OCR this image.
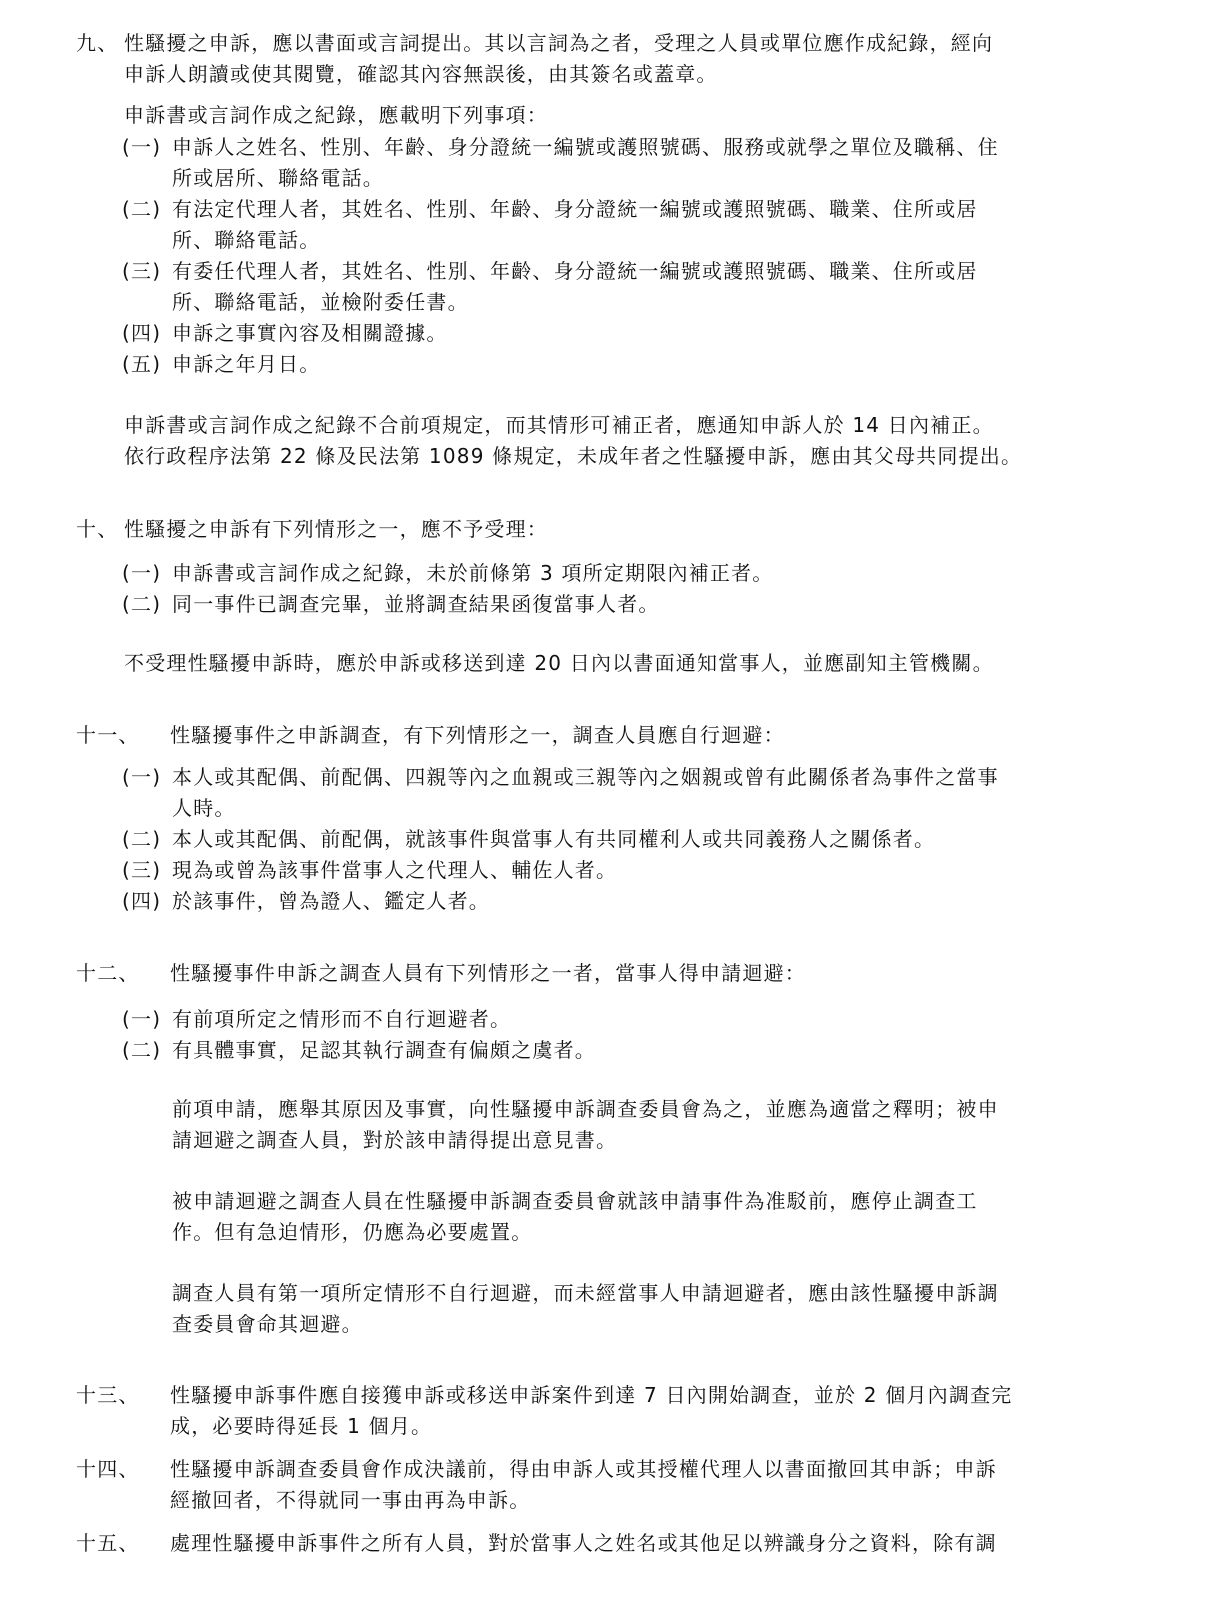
九、 性騷擾之申訴，應以書面或言詞提出。其以言詞為之者，受理之人員或單位應作成紀錄，經向
申訴人朗讀或使其閱覽，確認其內容無誤後，由其簽名或蓋章。
申訴書或言詞作成之紀錄，應載明下列事項：
(一) 申訴人之姓名、性別、年齡、身分證統一編號或護照號碼、服務或就學之單位及職稱、住
所或居所、聯絡電話。
(二) 有法定代理人者，其姓名、性別、年齡、身分證統一編號或護照號碼、職業、住所或居
所、聯絡電話。
(三) 有委任代理人者，其姓名、性別、年齡、身分證統一編號或護照號碼、職業、住所或居
所、聯絡電話，並檢附委任書。
(四) 申訴之事實內容及相關證據。
(五) 申訴之年月日。
申訴書或言詞作成之紀錄不合前項規定，而其情形可補正者，應通知申訴人於 14 日內補正。
依行政程序法第 22 條及民法第 1089 條規定，未成年者之性騷擾申訴，應由其父母共同提出。
十、 性騷擾之申訴有下列情形之一，應不予受理：
(一) 申訴書或言詞作成之紀錄，未於前條第 3 項所定期限內補正者。
(二) 同一事件已調查完畢，並將調查結果函復當事人者。
不受理性騷擾申訴時，應於申訴或移送到達 20 日內以書面通知當事人，並應副知主管機關。
十一、 性騷擾事件之申訴調查，有下列情形之一，調查人員應自行迴避：
(一) 本人或其配偶、前配偶、四親等內之血親或三親等內之姻親或曾有此關係者為事件之當事
人時。
(二) 本人或其配偶、前配偶，就該事件與當事人有共同權利人或共同義務人之關係者。
(三) 現為或曾為該事件當事人之代理人、輔佐人者。
(四) 於該事件，曾為證人、鑑定人者。
十二、 性騷擾事件申訴之調查人員有下列情形之一者，當事人得申請迴避：
(一) 有前項所定之情形而不自行迴避者。
(二) 有具體事實，足認其執行調查有偏頗之虞者。
前項申請，應舉其原因及事實，向性騷擾申訴調查委員會為之，並應為適當之釋明；被申
請迴避之調查人員，對於該申請得提出意見書。
被申請迴避之調查人員在性騷擾申訴調查委員會就該申請事件為准駁前，應停止調查工
作。但有急迫情形，仍應為必要處置。
調查人員有第一項所定情形不自行迴避，而未經當事人申請迴避者，應由該性騷擾申訴調
查委員會命其迴避。
十三、 性騷擾申訴事件應自接獲申訴或移送申訴案件到達 7 日內開始調查，並於 2 個月內調查完
成，必要時得延長 1 個月。
十四、 性騷擾申訴調查委員會作成決議前，得由申訴人或其授權代理人以書面撤回其申訴；申訴
經撤回者，不得就同一事由再為申訴。
十五、 處理性騷擾申訴事件之所有人員，對於當事人之姓名或其他足以辨識身分之資料，除有調
